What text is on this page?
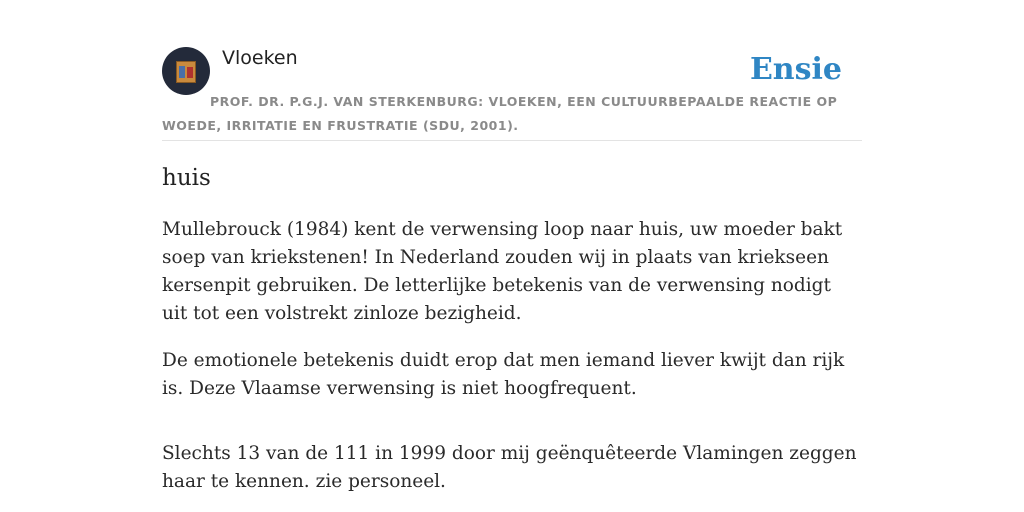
Vloeken	Ensie
PROF. DR. P.G.J. VAN STERKENBURG: VLOEKEN, EEN CULTUURBEPAALDE REACTIE OP WOEDE, IRRITATIE EN FRUSTRATIE (SDU, 2001).
huis

Mullebrouck (1984) kent de verwensing loop naar huis, uw moeder bakt soep van kriekstenen! In Nederland zouden wij in plaats van kriekseen kersenpit gebruiken. De letterlijke betekenis van de verwensing nodigt uit tot een volstrekt zinloze bezigheid.

De emotionele betekenis duidt erop dat men iemand liever kwijt dan rijk is. Deze Vlaamse verwensing is niet hoogfrequent.

Slechts 13 van de 111 in 1999 door mij geënquêteerde Vlamingen zeggen haar te kennen. zie personeel.
